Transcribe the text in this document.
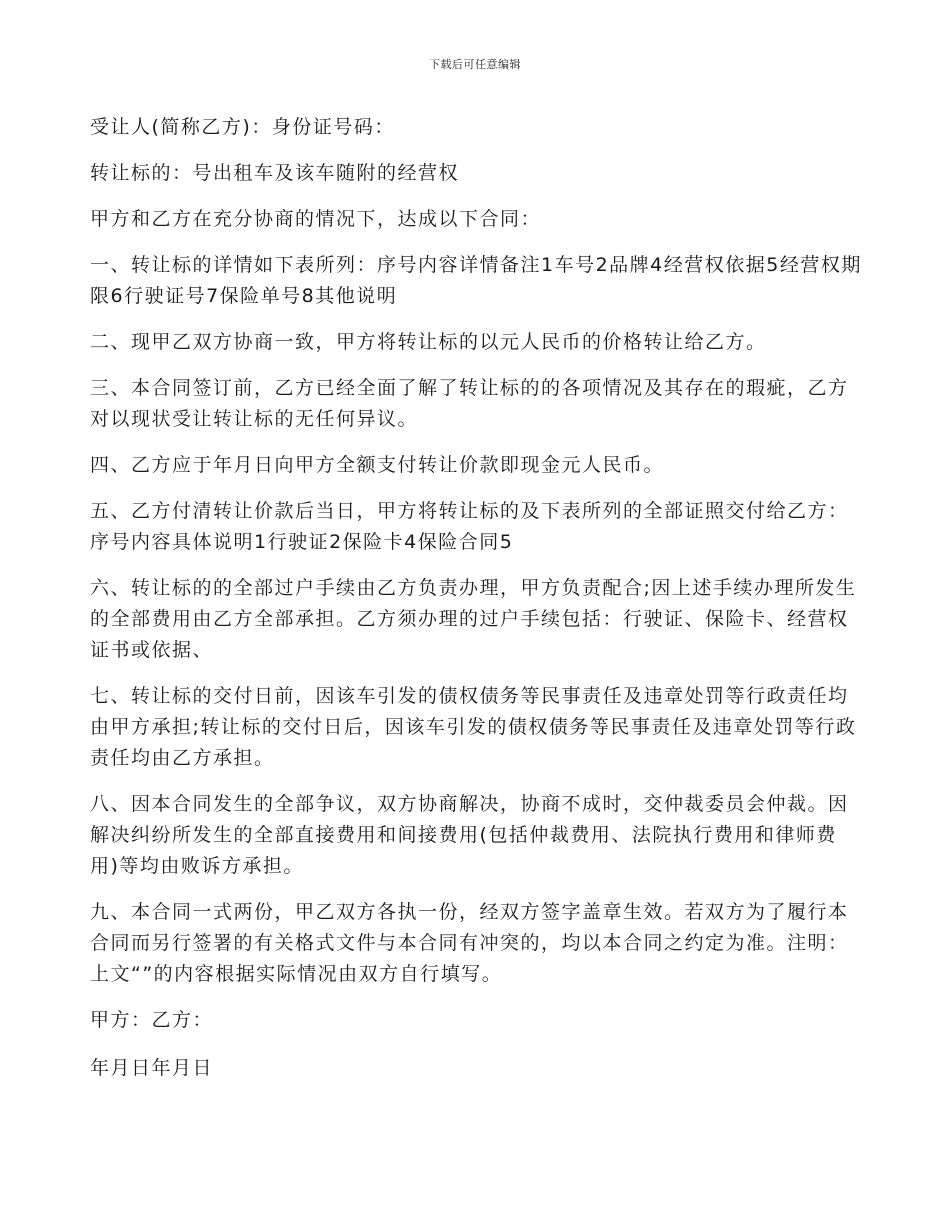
下载后可任意编辑

受让人(简称乙方)：身份证号码：

转让标的：号出租车及该车随附的经营权

甲方和乙方在充分协商的情况下，达成以下合同：

一、转让标的详情如下表所列：序号内容详情备注1车号2品牌4经营权依据5经营权期限6行驶证号7保险单号8其他说明

二、现甲乙双方协商一致，甲方将转让标的以元人民币的价格转让给乙方。

三、本合同签订前，乙方已经全面了解了转让标的的各项情况及其存在的瑕疵，乙方对以现状受让转让标的无任何异议。

四、乙方应于年月日向甲方全额支付转让价款即现金元人民币。

五、乙方付清转让价款后当日，甲方将转让标的及下表所列的全部证照交付给乙方：序号内容具体说明1行驶证2保险卡4保险合同5

六、转让标的的全部过户手续由乙方负责办理，甲方负责配合;因上述手续办理所发生的全部费用由乙方全部承担。乙方须办理的过户手续包括：行驶证、保险卡、经营权证书或依据、

七、转让标的交付日前，因该车引发的债权债务等民事责任及违章处罚等行政责任均由甲方承担;转让标的交付日后，因该车引发的债权债务等民事责任及违章处罚等行政责任均由乙方承担。

八、因本合同发生的全部争议，双方协商解决，协商不成时，交仲裁委员会仲裁。因解决纠纷所发生的全部直接费用和间接费用(包括仲裁费用、法院执行费用和律师费用)等均由败诉方承担。

九、本合同一式两份，甲乙双方各执一份，经双方签字盖章生效。若双方为了履行本合同而另行签署的有关格式文件与本合同有冲突的，均以本合同之约定为准。注明：上文“”的内容根据实际情况由双方自行填写。

甲方：乙方：

年月日年月日
